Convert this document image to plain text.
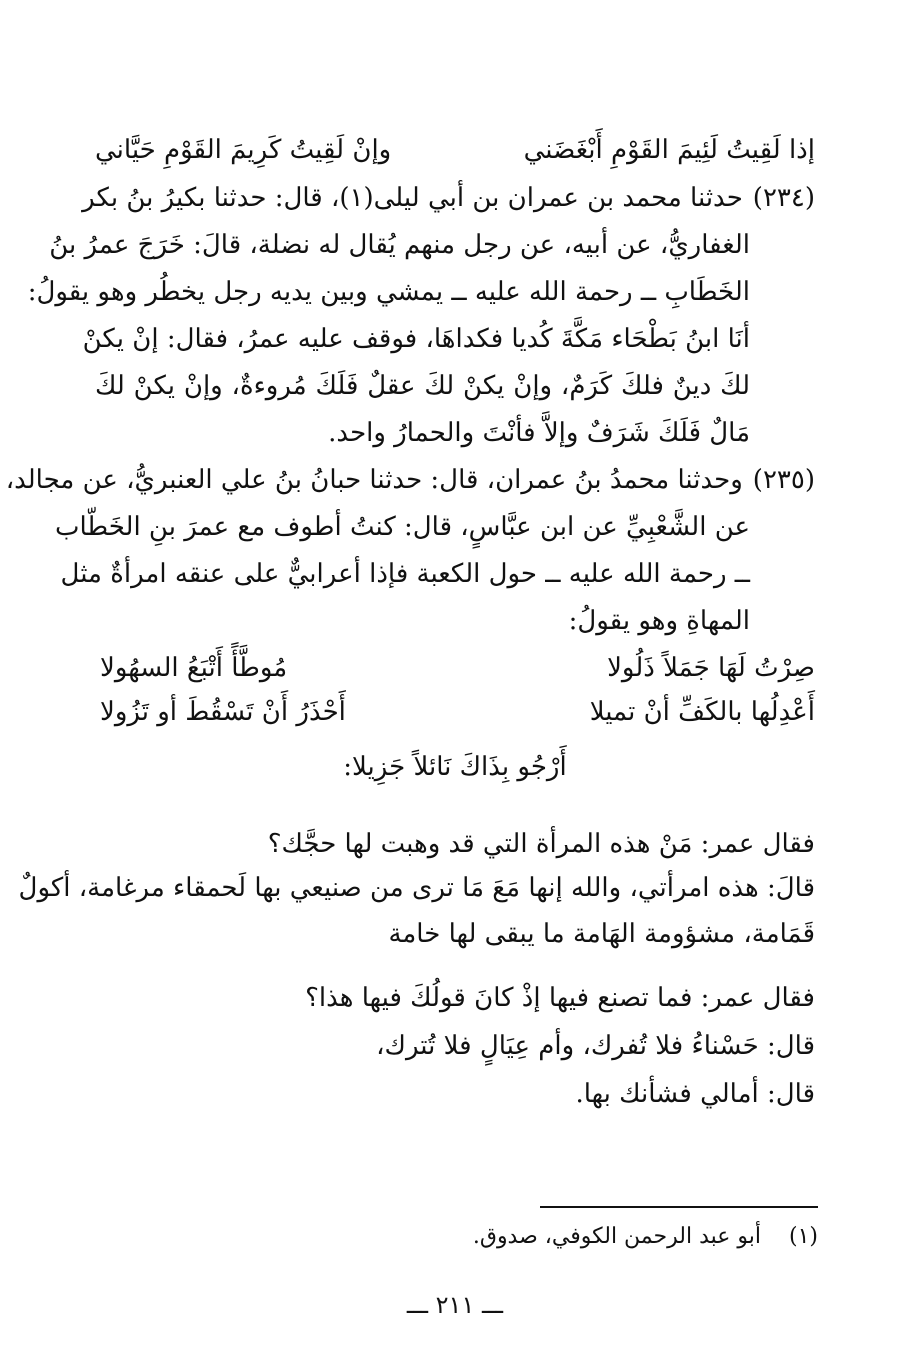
إذا لَقِيتُ لَئِيمَ القَوْمِ أَبْغَضَني
وإنْ لَقِيتُ كَرِيمَ القَوْمِ حَيَّاني
(٢٣٤)حدثنا محمد بن عمران بن أبي ليلى(١)، قال: حدثنا بكيرُ بنُ بكر
الغفاريُّ، عن أبيه، عن رجل منهم يُقال له نضلة، قالَ: خَرَجَ عمرُ بنُ
الخَطَابِ ــ رحمة الله عليه ــ يمشي وبين يديه رجل يخطُر وهو يقولُ:
أنَا ابنُ بَطْحَاء مَكَّةَ كُديا فكداهَا، فوقف عليه عمرُ، فقال: إنْ يكنْ
لكَ دينٌ فلكَ كَرَمٌ، وإنْ يكنْ لكَ عقلٌ فَلَكَ مُروءةٌ، وإنْ يكنْ لكَ
مَالٌ فَلَكَ شَرَفٌ وإلاَّ فأنْتَ والحمارُ واحد.
(٢٣٥)وحدثنا محمدُ بنُ عمران، قال: حدثنا حبانُ بنُ علي العنبريُّ، عن مجالد،
عن الشَّعْبِيِّ عن ابن عبَّاسٍ، قال: كنتُ أطوف مع عمرَ بنِ الخَطّاب
ــ رحمة الله عليه ــ حول الكعبة فإذا أعرابيٌّ على عنقه امرأةٌ مثل
المهاةِ وهو يقولُ:
صِرْتُ لَهَا جَمَلاً ذَلُولا
مُوطَّأً أَتْبَعُ السهُولا
أَعْدِلُها بالكَفِّ أنْ تميلا
أَحْذَرُ أَنْ تَسْقُطَ أو تَزُولا
أَرْجُو بِذَاكَ نَائلاً جَزِيلا:
فقال عمر: مَنْ هذه المرأة التي قد وهبت لها حجَّك؟
قالَ: هذه امرأتي، والله إنها مَعَ مَا ترى من صنيعي بها لَحمقاء مرغامة، أكولٌ
قَمَامة، مشؤومة الهَامة ما يبقى لها خامة
فقال عمر: فما تصنع فيها إذْ كانَ قولُكَ فيها هذا؟
قال: حَسْناءُ فلا تُفرك، وأم عِيَالٍ فلا تُترك،
قال: أمالي فشأنك بها.
(١)    أبو عبد الرحمن الكوفي، صدوق.
ـــ ٢١١ ـــ
